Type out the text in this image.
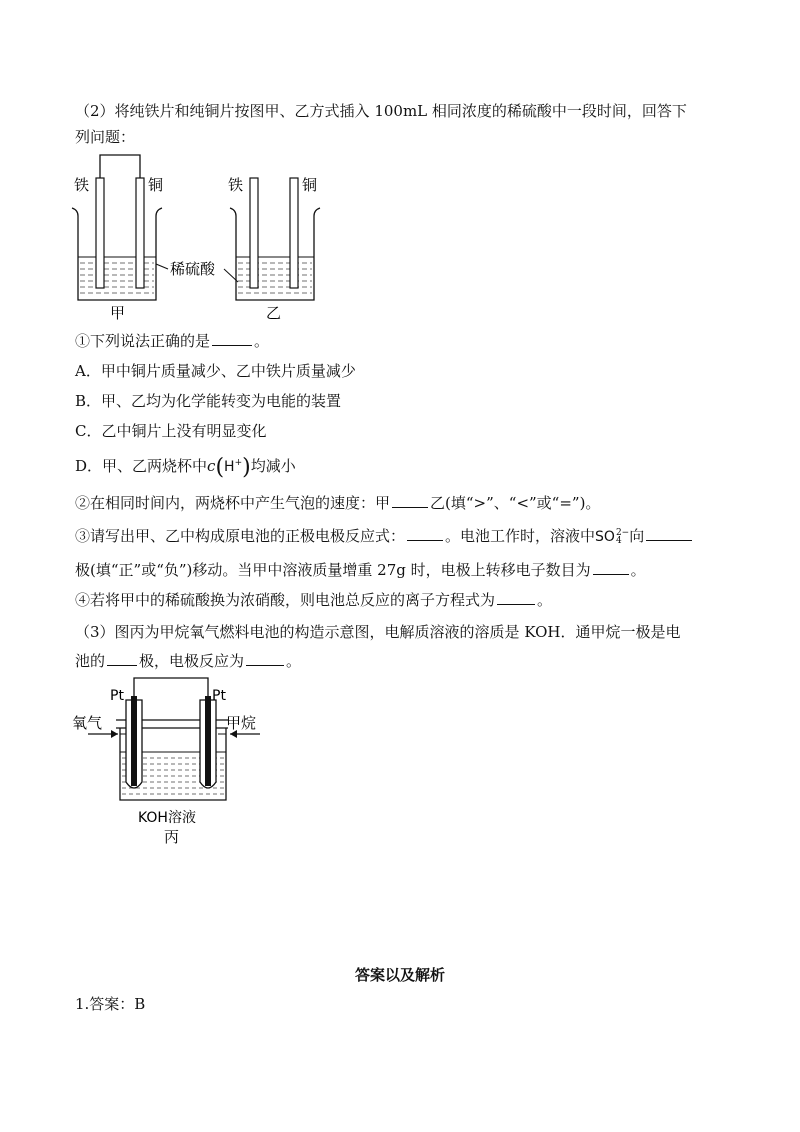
（2）将纯铁片和纯铜片按图甲、乙方式插入 100mL 相同浓度的稀硫酸中一段时间，回答下
列问题：
铁	铜	铁	铜
稀硫酸
甲	乙
①下列说法正确的是	。
A．甲中铜片质量减少、乙中铁片质量减少
B．甲、乙均为化学能转变为电能的装置
C．乙中铜片上没有明显变化
D．甲、乙两烧杯中c(H+)均减小
②在相同时间内，两烧杯中产生气泡的速度：甲	乙(填“>”、“<”或“=”)。
③请写出甲、乙中构成原电池的正极电极反应式：	。电池工作时，溶液中SO2−
4 向
极(填“正”或“负”)移动。当甲中溶液质量增重 27g 时，电极上转移电子数目为	。
④若将甲中的稀硫酸换为浓硝酸，则电池总反应的离子方程式为	。
（3）图丙为甲烷氧气燃料电池的构造示意图，电解质溶液的溶质是 KOH．通甲烷一极是电
池的 极，电极反应为	。
Pt	Pt
氧气	甲烷
KOH溶液
丙
答案以及解析
1.答案：B
